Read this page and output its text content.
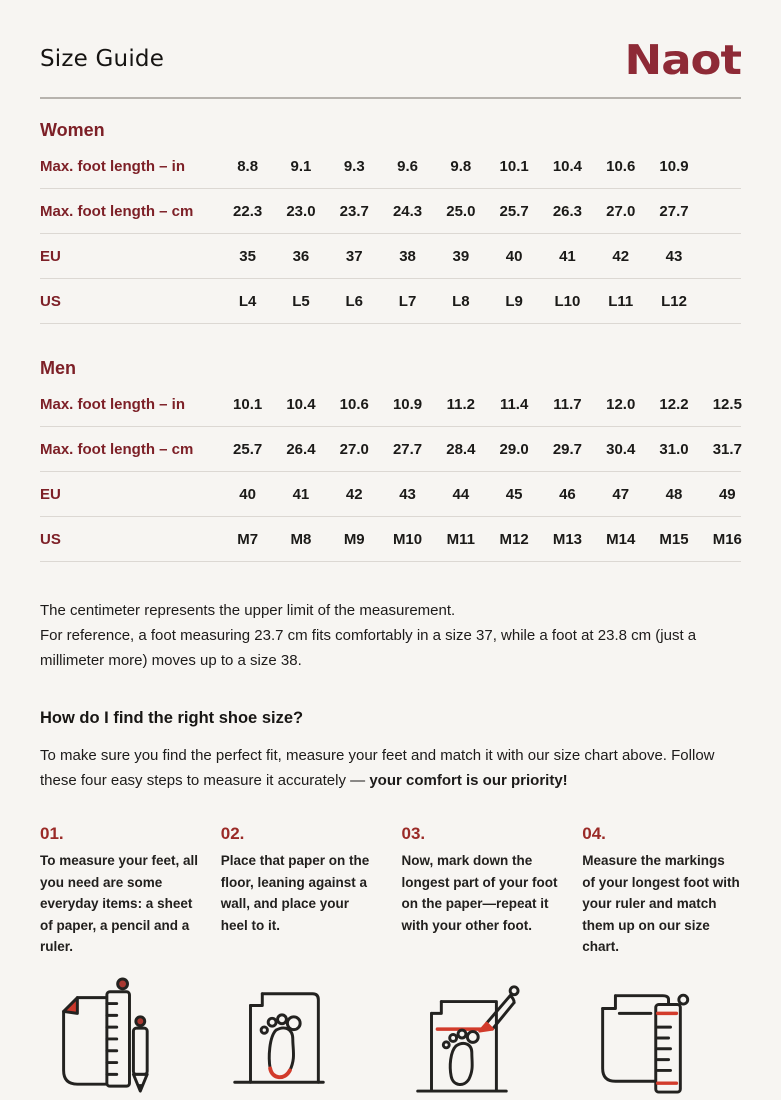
Size Guide	Naot
Women
Max. foot length – in	8.8	9.1	9.3	9.6	9.8	10.1	10.4	10.6	10.9
Max. foot length – cm	22.3	23.0	23.7	24.3	25.0	25.7	26.3	27.0	27.7
EU	35	36	37	38	39	40	41	42	43
US	L4	L5	L6	L7	L8	L9	L10	L11	L12
Men
Max. foot length – in	10.1	10.4	10.6	10.9	11.2	11.4	11.7	12.0	12.2	12.5
Max. foot length – cm	25.7	26.4	27.0	27.7	28.4	29.0	29.7	30.4	31.0	31.7
EU	40	41	42	43	44	45	46	47	48	49
US	M7	M8	M9	M10	M11	M12	M13	M14	M15	M16

The centimeter represents the upper limit of the measurement.

For reference, a foot measuring 23.7 cm fits comfortably in a size 37, while a foot at 23.8 cm (just a millimeter more) moves up to a size 38.

How do I find the right shoe size?

To make sure you find the perfect fit, measure your feet and match it with our size chart above. Follow these four easy steps to measure it accurately — your comfort is our priority!

01.
To measure your feet, all you need are some everyday items: a sheet of paper, a pencil and a ruler.
02.
Place that paper on the floor, leaning against a wall, and place your heel to it.
03.
Now, mark down the longest part of your foot on the paper—repeat it with your other foot.
04.
Measure the markings of your longest foot with your ruler and match them up on our size chart.
